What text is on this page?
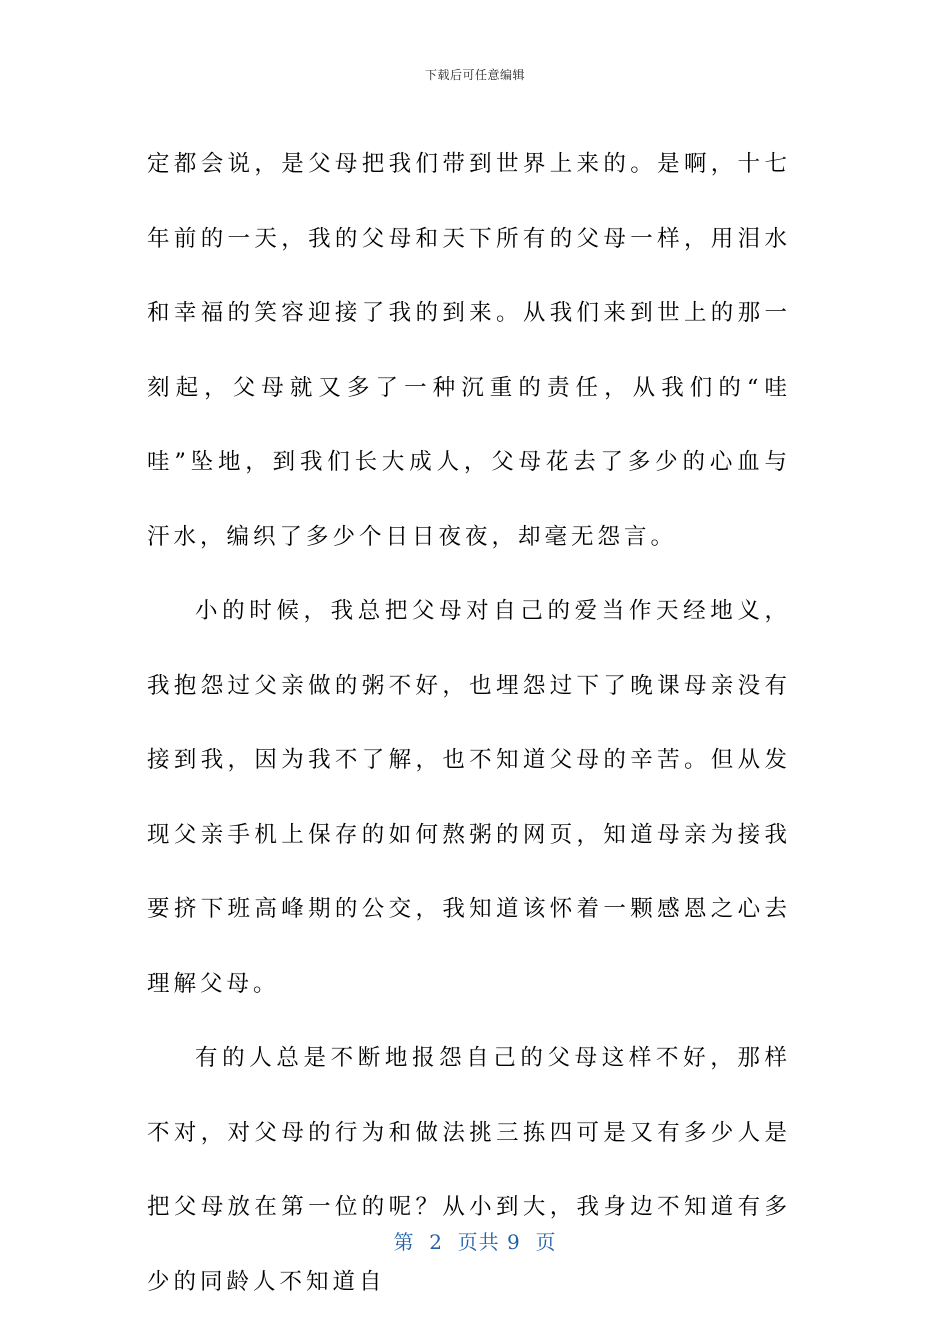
下载后可任意编辑

定都会说，是父母把我们带到世界上来的。是啊，十七年前的一天，我的父母和天下所有的父母一样，用泪水和幸福的笑容迎接了我的到来。从我们来到世上的那一刻起，父母就又多了一种沉重的责任，从我们的“哇哇”坠地，到我们长大成人，父母花去了多少的心血与汗水，编织了多少个日日夜夜，却毫无怨言。

小的时候，我总把父母对自己的爱当作天经地义，我抱怨过父亲做的粥不好，也埋怨过下了晚课母亲没有接到我，因为我不了解，也不知道父母的辛苦。但从发现父亲手机上保存的如何熬粥的网页，知道母亲为接我要挤下班高峰期的公交，我知道该怀着一颗感恩之心去理解父母。

有的人总是不断地报怨自己的父母这样不好，那样不对，对父母的行为和做法挑三拣四可是又有多少人是把父母放在第一位的呢？从小到大，我身边不知道有多少的同龄人不知道自

第  2  页共 9  页
